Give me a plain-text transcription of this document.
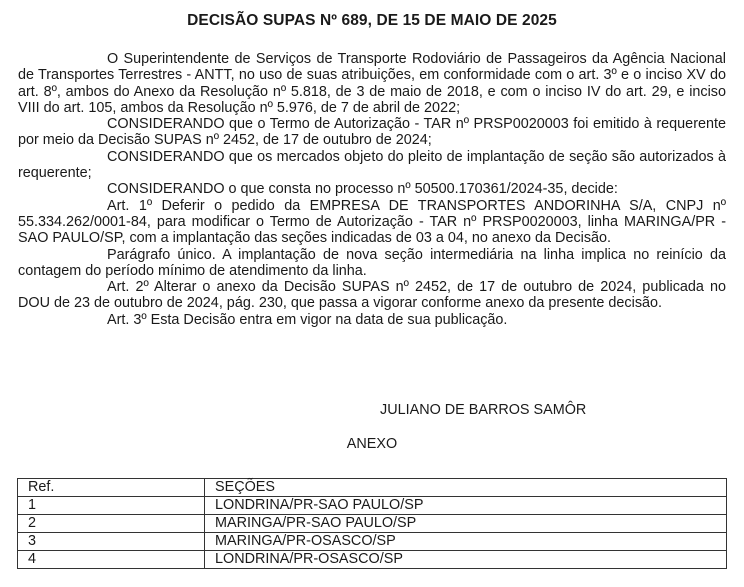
DECISÃO SUPAS Nº 689, DE 15 DE MAIO DE 2025

O Superintendente de Serviços de Transporte Rodoviário de Passageiros da Agência Nacional de Transportes Terrestres - ANTT, no uso de suas atribuições, em conformidade com o art. 3º e o inciso XV do art. 8º, ambos do Anexo da Resolução nº 5.818, de 3 de maio de 2018, e com o inciso IV do art. 29, e inciso VIII do art. 105, ambos da Resolução nº 5.976, de 7 de abril de 2022;

CONSIDERANDO que o Termo de Autorização - TAR nº PRSP0020003 foi emitido à requerente por meio da Decisão SUPAS nº 2452, de 17 de outubro de 2024;

CONSIDERANDO que os mercados objeto do pleito de implantação de seção são autorizados à requerente;

CONSIDERANDO o que consta no processo nº 50500.170361/2024-35, decide:

Art. 1º Deferir o pedido da EMPRESA DE TRANSPORTES ANDORINHA S/A, CNPJ nº 55.334.262/0001-84, para modificar o Termo de Autorização - TAR nº PRSP0020003, linha MARINGA/PR - SAO PAULO/SP, com a implantação das seções indicadas de 03 a 04, no anexo da Decisão.

Parágrafo único. A implantação de nova seção intermediária na linha implica no reinício da contagem do período mínimo de atendimento da linha.

Art. 2º Alterar o anexo da Decisão SUPAS nº 2452, de 17 de outubro de 2024, publicada no DOU de 23 de outubro de 2024, pág. 230, que passa a vigorar conforme anexo da presente decisão.

Art. 3º Esta Decisão entra em vigor na data de sua publicação.

JULIANO DE BARROS SAMÔR
ANEXO
Ref.	SEÇÕES
1	LONDRINA/PR-SAO PAULO/SP
2	MARINGA/PR-SAO PAULO/SP
3	MARINGA/PR-OSASCO/SP
4	LONDRINA/PR-OSASCO/SP
